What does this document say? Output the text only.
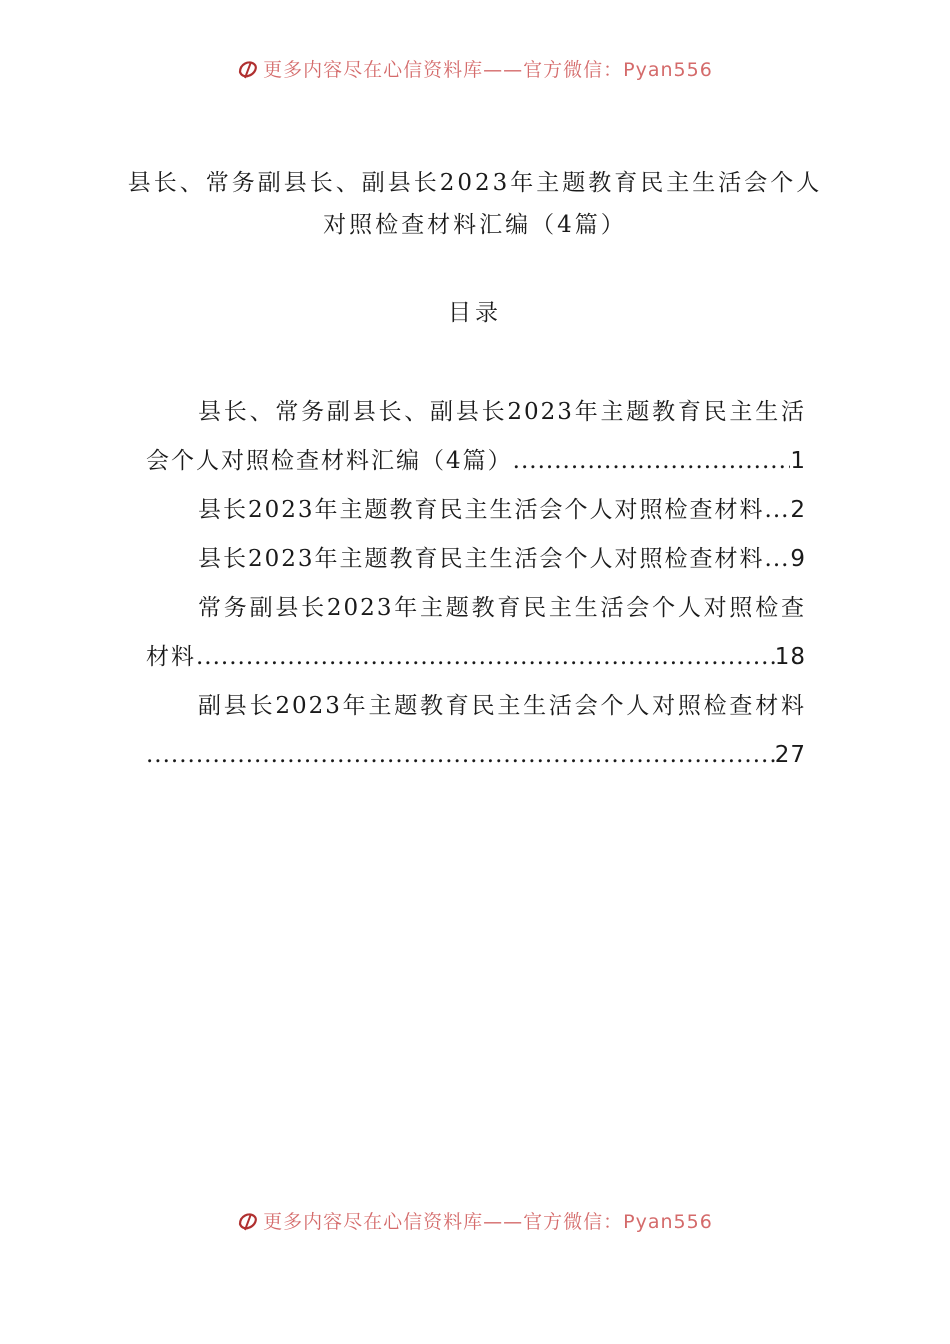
更多内容尽在心信资料库——官方微信：Pyan556
县长、常务副县长、副县长2023年主题教育民主生活会个人对照检查材料汇编（4篇）
目录
县长、常务副县长、副县长2023年主题教育民主生活
会个人对照检查材料汇编（4篇） .....	1
县长2023年主题教育民主生活会个人对照检查材料 ..... 2
县长2023年主题教育民主生活会个人对照检查材料 ..... 9
常务副县长2023年主题教育民主生活会个人对照检查
材料 .....	18
副县长2023年主题教育民主生活会个人对照检查材料
.....
27
更多内容尽在心信资料库——官方微信：Pyan556
